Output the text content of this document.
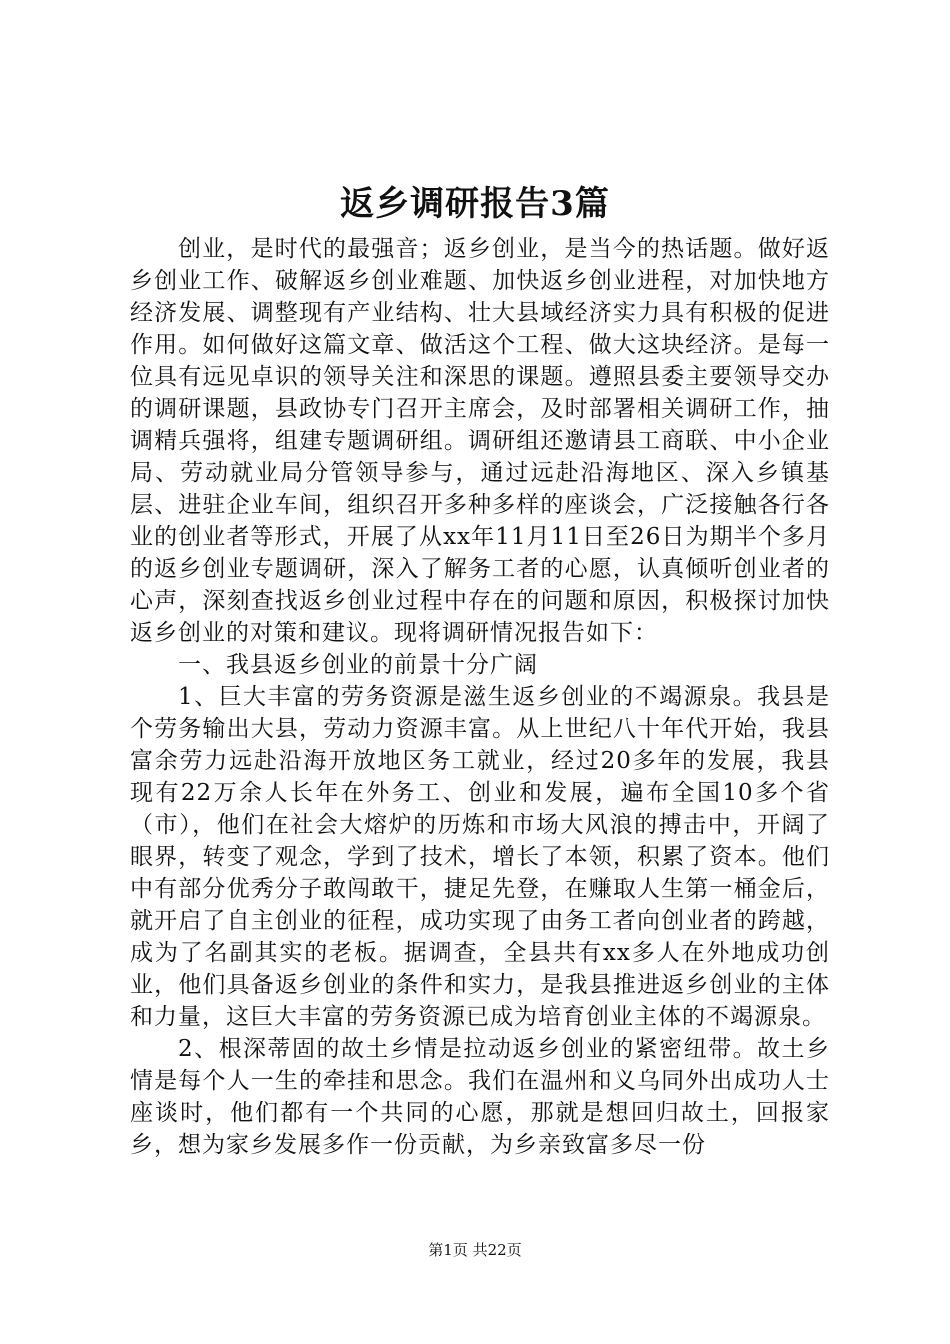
返乡调研报告3篇

创业，是时代的最强音；返乡创业，是当今的热话题。做好返乡创业工作、破解返乡创业难题、加快返乡创业进程，对加快地方经济发展、调整现有产业结构、壮大县域经济实力具有积极的促进作用。如何做好这篇文章、做活这个工程、做大这块经济。是每一位具有远见卓识的领导关注和深思的课题。遵照县委主要领导交办的调研课题，县政协专门召开主席会，及时部署相关调研工作，抽调精兵强将，组建专题调研组。调研组还邀请县工商联、中小企业局、劳动就业局分管领导参与，通过远赴沿海地区、深入乡镇基层、进驻企业车间，组织召开多种多样的座谈会，广泛接触各行各业的创业者等形式，开展了从xx年11月11日至26日为期半个多月的返乡创业专题调研，深入了解务工者的心愿，认真倾听创业者的心声，深刻查找返乡创业过程中存在的问题和原因，积极探讨加快返乡创业的对策和建议。现将调研情况报告如下：

一、我县返乡创业的前景十分广阔

1、巨大丰富的劳务资源是滋生返乡创业的不竭源泉。我县是个劳务输出大县，劳动力资源丰富。从上世纪八十年代开始，我县富余劳力远赴沿海开放地区务工就业，经过20多年的发展，我县现有22万余人长年在外务工、创业和发展，遍布全国10多个省（市），他们在社会大熔炉的历炼和市场大风浪的搏击中，开阔了眼界，转变了观念，学到了技术，增长了本领，积累了资本。他们中有部分优秀分子敢闯敢干，捷足先登，在赚取人生第一桶金后，就开启了自主创业的征程，成功实现了由务工者向创业者的跨越，成为了名副其实的老板。据调查，全县共有xx多人在外地成功创业，他们具备返乡创业的条件和实力，是我县推进返乡创业的主体和力量，这巨大丰富的劳务资源已成为培育创业主体的不竭源泉。

2、根深蒂固的故土乡情是拉动返乡创业的紧密纽带。故土乡情是每个人一生的牵挂和思念。我们在温州和义乌同外出成功人士座谈时，他们都有一个共同的心愿，那就是想回归故土，回报家乡，想为家乡发展多作一份贡献，为乡亲致富多尽一份

第1页 共22页
